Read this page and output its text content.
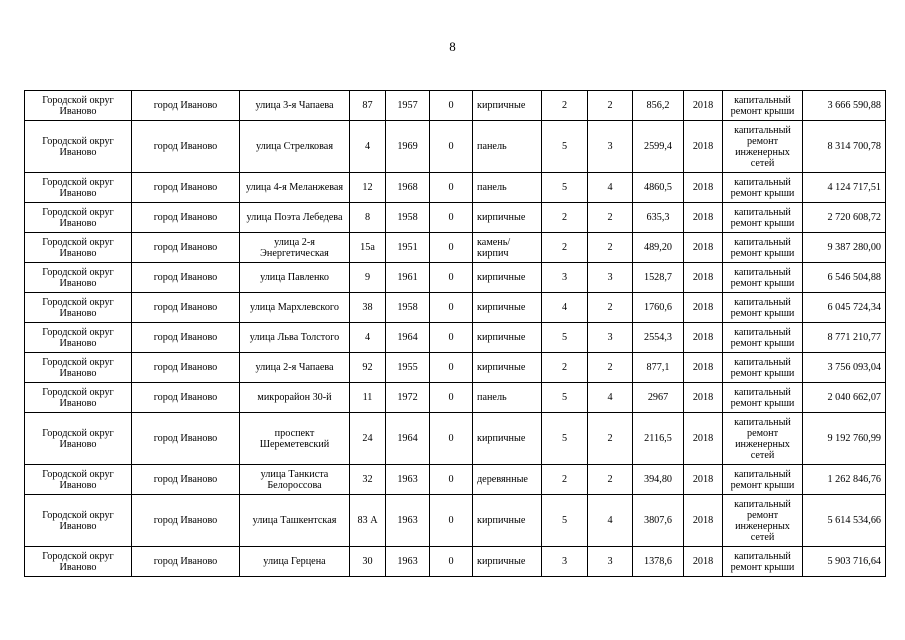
8
Городской округ Иваново	город Иваново	улица 3-я Чапаева	87	1957	0	кирпичные	2	2	856,2	2018	капитальный ремонт крыши	3 666 590,88
Городской округ Иваново	город Иваново	улица Стрелковая	4	1969	0	панель	5	3	2599,4	2018	капитальный ремонт инженерных сетей	8 314 700,78
Городской округ Иваново	город Иваново	улица 4-я Меланжевая	12	1968	0	панель	5	4	4860,5	2018	капитальный ремонт крыши	4 124 717,51
Городской округ Иваново	город Иваново	улица Поэта Лебедева	8	1958	0	кирпичные	2	2	635,3	2018	капитальный ремонт крыши	2 720 608,72
Городской округ Иваново	город Иваново	улица 2-я Энергетическая	15а	1951	0	камень/кирпич	2	2	489,20	2018	капитальный ремонт крыши	9 387 280,00
Городской округ Иваново	город Иваново	улица Павленко	9	1961	0	кирпичные	3	3	1528,7	2018	капитальный ремонт крыши	6 546 504,88
Городской округ Иваново	город Иваново	улица Мархлевского	38	1958	0	кирпичные	4	2	1760,6	2018	капитальный ремонт крыши	6 045 724,34
Городской округ Иваново	город Иваново	улица Льва Толстого	4	1964	0	кирпичные	5	3	2554,3	2018	капитальный ремонт крыши	8 771 210,77
Городской округ Иваново	город Иваново	улица 2-я Чапаева	92	1955	0	кирпичные	2	2	877,1	2018	капитальный ремонт крыши	3 756 093,04
Городской округ Иваново	город Иваново	микрорайон 30-й	11	1972	0	панель	5	4	2967	2018	капитальный ремонт крыши	2 040 662,07
Городской округ Иваново	город Иваново	проспект Шереметевский	24	1964	0	кирпичные	5	2	2116,5	2018	капитальный ремонт инженерных сетей	9 192 760,99
Городской округ Иваново	город Иваново	улица Танкиста Белороссова	32	1963	0	деревянные	2	2	394,80	2018	капитальный ремонт крыши	1 262 846,76
Городской округ Иваново	город Иваново	улица Ташкентская	83 А	1963	0	кирпичные	5	4	3807,6	2018	капитальный ремонт инженерных сетей	5 614 534,66
Городской округ Иваново	город Иваново	улица Герцена	30	1963	0	кирпичные	3	3	1378,6	2018	капитальный ремонт крыши	5 903 716,64
